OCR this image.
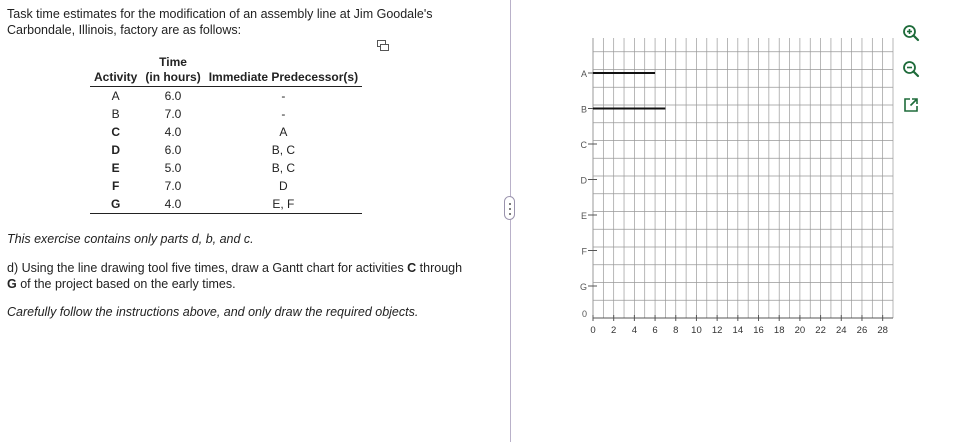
Task time estimates for the modification of an assembly line at Jim Goodale's Carbondale, Illinois, factory are as follows:

	Time	
Activity	(in hours)	Immediate Predecessor(s)
A	6.0	-
B	7.0	-
C	4.0	A
D	6.0	B, C
E	5.0	B, C
F	7.0	D
G	4.0	E, F

This exercise contains only parts d, b, and c.

d) Using the line drawing tool five times, draw a Gantt chart for activities C through
G of the project based on the early times.

Carefully follow the instructions above, and only draw the required objects.

A
B
C
D
E
F
G
0
0 2 4 6 8 10 12 14 16 18 20 22 24 26 28
